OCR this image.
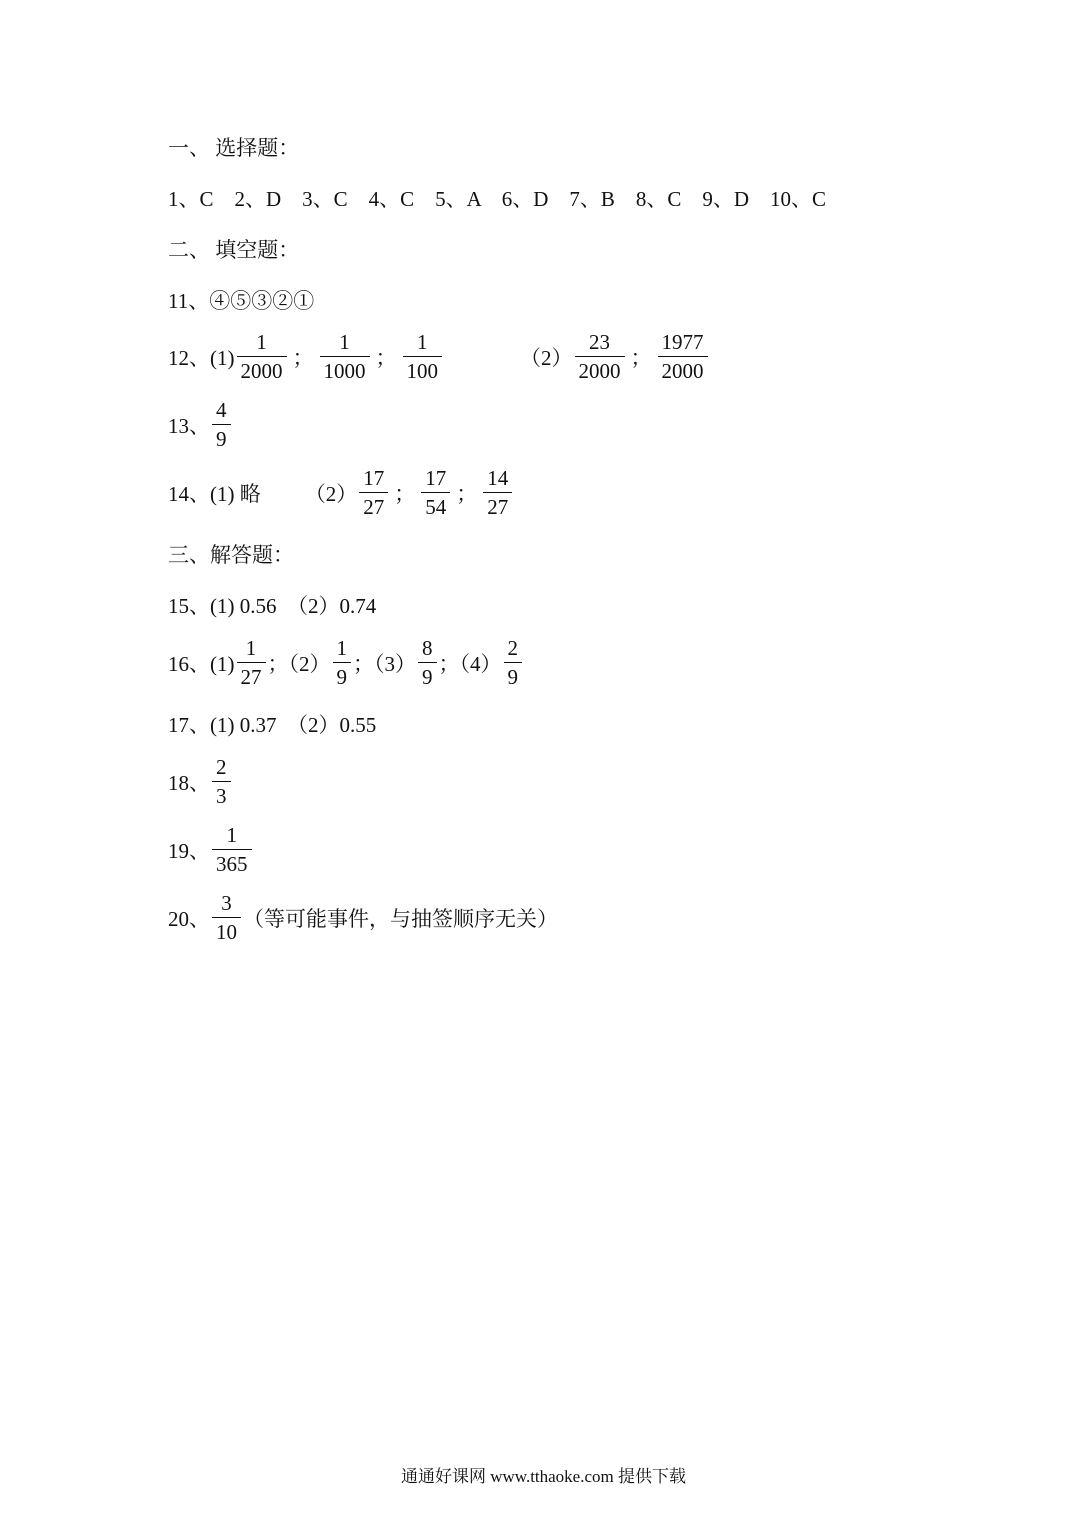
一、 选择题：
1、C　2、D　3、C　4、C　5、A　6、D　7、B　8、C　9、D　10、C
二、 填空题：
11、④⑤③②①
12、$(1) \frac{1}{2000}$ ； $\frac{1}{1000}$ ； $\frac{1}{100}$	$(2) \frac{23}{2000}$ ； $\frac{1977}{2000}$
13、 $\frac{4}{9}$
14、(1) 略 $(2) \frac{17}{27}$ ； $\frac{17}{54}$ ； $\frac{14}{27}$
三、解答题：
15、(1) 0.56　（2）0.74
16、$(1) \frac{1}{27}$ ；$(2) \frac{1}{9}$ ；$(3) \frac{8}{9}$ ；$(4) \frac{2}{9}$
17、(1) 0.37　（2）0.55
18、 $\frac{2}{3}$
19、 $\frac{1}{365}$
20、 $\frac{3}{10}$ （等可能事件，与抽签顺序无关）
通通好课网 www.tthaoke.com 提供下载
